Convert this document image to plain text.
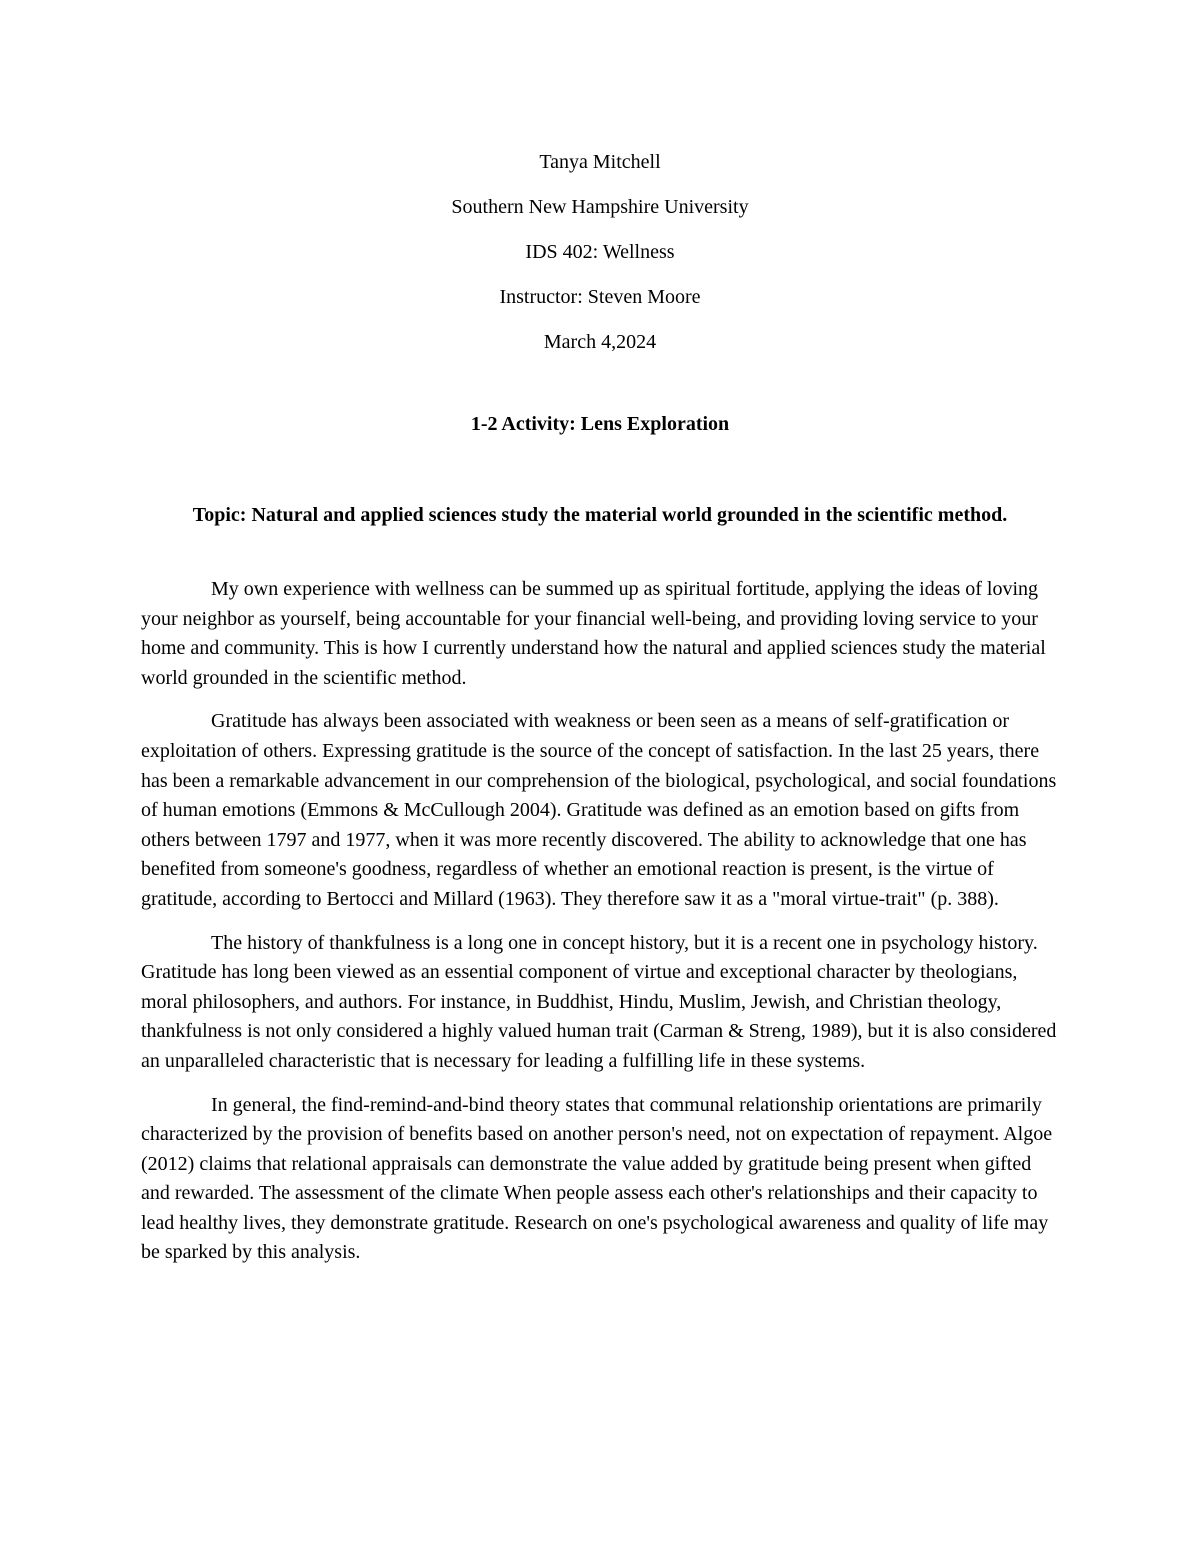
Tanya Mitchell

Southern New Hampshire University

IDS 402: Wellness

Instructor: Steven Moore

March 4,2024

1-2 Activity: Lens Exploration
Topic: Natural and applied sciences study the material world grounded in the scientific method.

My own experience with wellness can be summed up as spiritual fortitude, applying the ideas of loving your neighbor as yourself, being accountable for your financial well-being, and providing loving service to your home and community. This is how I currently understand how the natural and applied sciences study the material world grounded in the scientific method.

Gratitude has always been associated with weakness or been seen as a means of self-gratification or exploitation of others. Expressing gratitude is the source of the concept of satisfaction. In the last 25 years, there has been a remarkable advancement in our comprehension of the biological, psychological, and social foundations of human emotions (Emmons & McCullough 2004). Gratitude was defined as an emotion based on gifts from others between 1797 and 1977, when it was more recently discovered. The ability to acknowledge that one has benefited from someone's goodness, regardless of whether an emotional reaction is present, is the virtue of gratitude, according to Bertocci and Millard (1963). They therefore saw it as a "moral virtue-trait" (p. 388).

The history of thankfulness is a long one in concept history, but it is a recent one in psychology history. Gratitude has long been viewed as an essential component of virtue and exceptional character by theologians, moral philosophers, and authors. For instance, in Buddhist, Hindu, Muslim, Jewish, and Christian theology, thankfulness is not only considered a highly valued human trait (Carman & Streng, 1989), but it is also considered an unparalleled characteristic that is necessary for leading a fulfilling life in these systems.

In general, the find-remind-and-bind theory states that communal relationship orientations are primarily characterized by the provision of benefits based on another person's need, not on expectation of repayment. Algoe (2012) claims that relational appraisals can demonstrate the value added by gratitude being present when gifted and rewarded. The assessment of the climate When people assess each other's relationships and their capacity to lead healthy lives, they demonstrate gratitude. Research on one's psychological awareness and quality of life may be sparked by this analysis.
